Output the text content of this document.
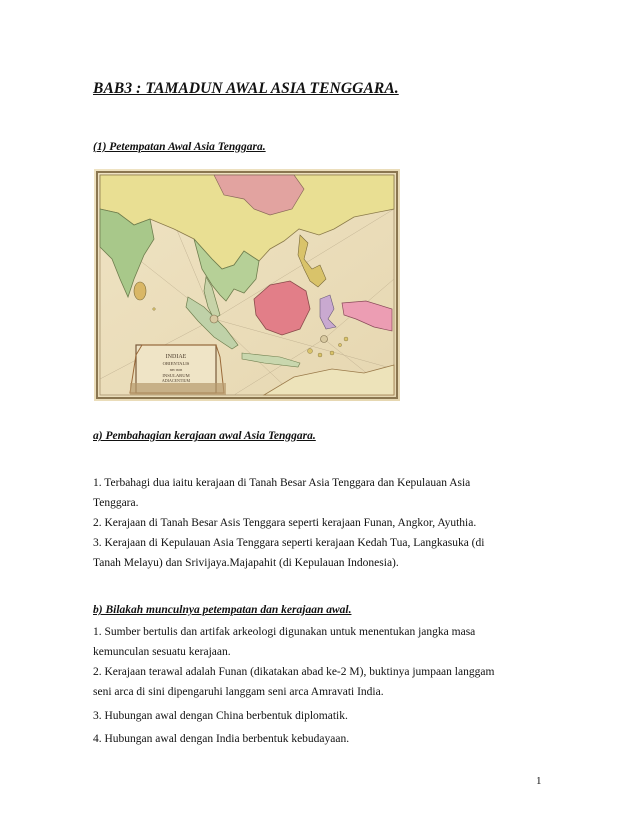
BAB3 : TAMADUN AWAL ASIA TENGGARA.
(1) Petempatan Awal Asia Tenggara.
INDIAE
ORIENTALIS
nec non
INSULARUM
ADIACENTIUM
a) Pembahagian kerajaan awal Asia Tenggara.
1. Terbahagi dua iaitu kerajaan di Tanah Besar Asia Tenggara dan Kepulauan Asia
Tenggara.
2. Kerajaan di Tanah Besar Asis Tenggara seperti kerajaan Funan, Angkor, Ayuthia.
3. Kerajaan di Kepulauan Asia Tenggara seperti kerajaan Kedah Tua, Langkasuka (di
Tanah Melayu) dan Srivijaya.Majapahit (di Kepulauan Indonesia).
b) Bilakah munculnya petempatan dan kerajaan awal.
1. Sumber bertulis dan artifak arkeologi digunakan untuk menentukan jangka masa
kemunculan sesuatu kerajaan.
2. Kerajaan terawal adalah Funan (dikatakan abad ke-2 M), buktinya jumpaan langgam
seni arca di sini dipengaruhi langgam seni arca Amravati India.
3. Hubungan awal dengan China berbentuk diplomatik.
4. Hubungan awal dengan India berbentuk kebudayaan.
1
